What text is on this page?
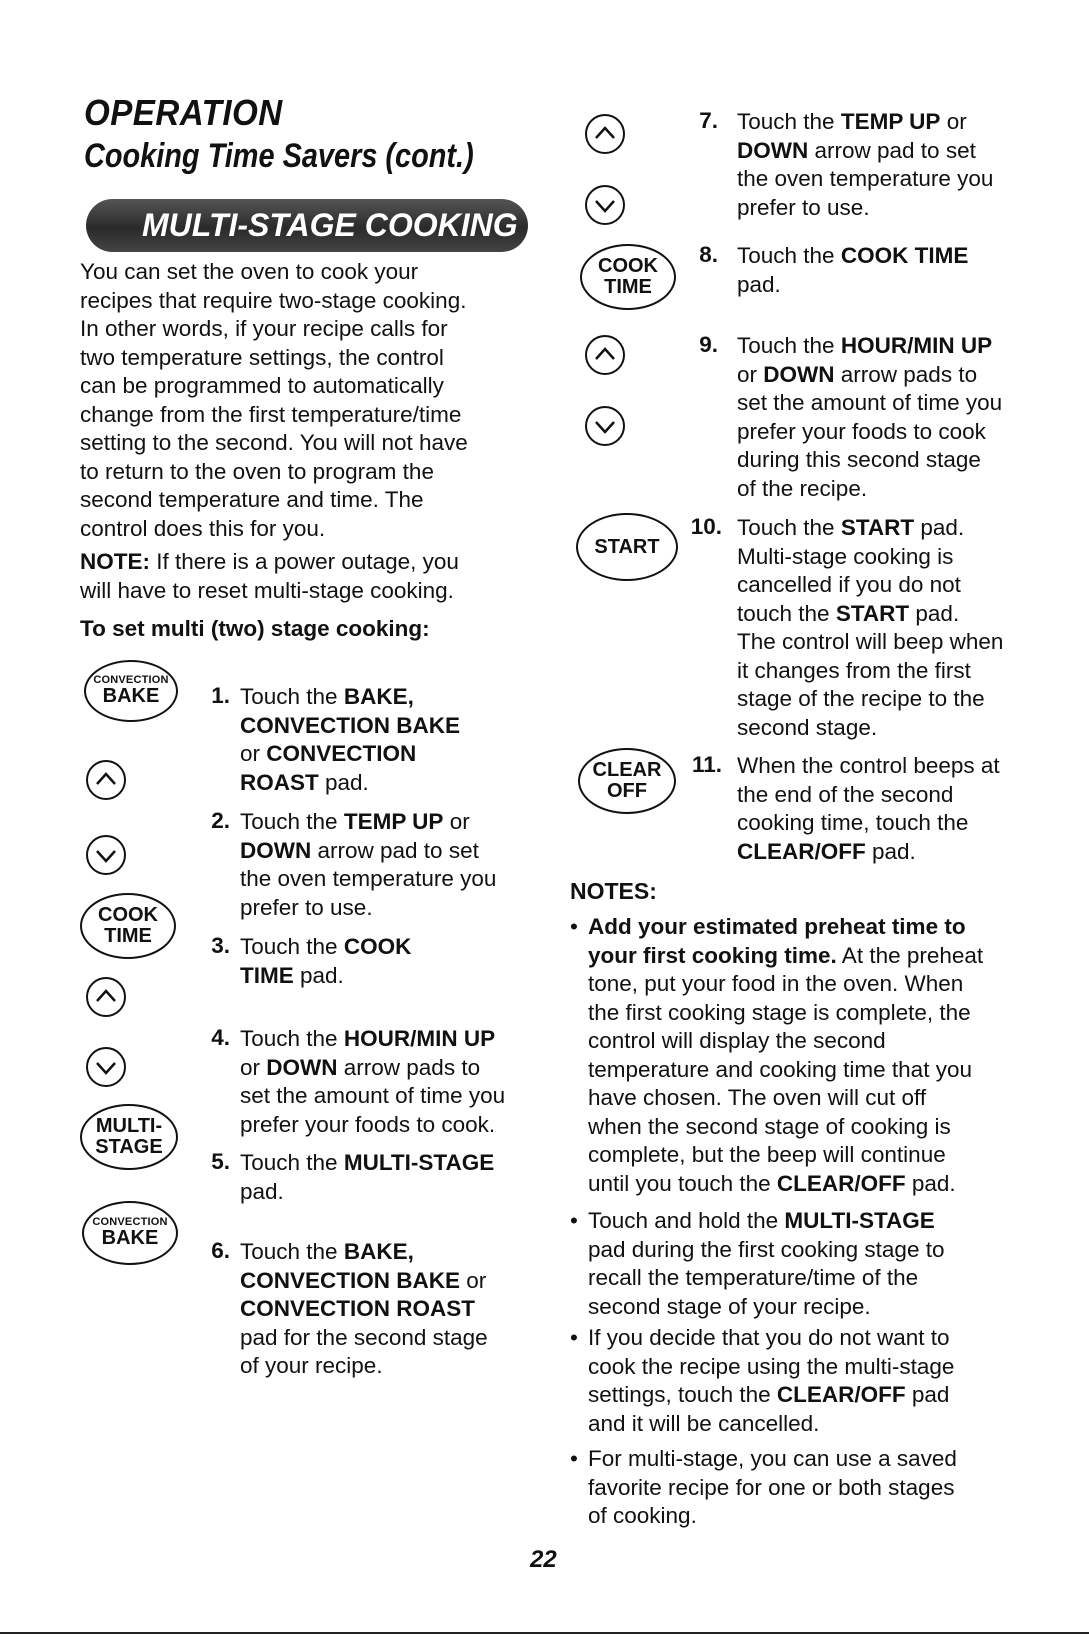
OPERATION
Cooking Time Savers (cont.)
MULTI-STAGE COOKING
You can set the oven to cook your
recipes that require two-stage cooking.
In other words, if your recipe calls for
two temperature settings, the control
can be programmed to automatically
change from the first temperature/time
setting to the second. You will not have
to return to the oven to program the
second temperature and time. The
control does this for you.
NOTE: If there is a power outage, you
will have to reset multi-stage cooking.
To set multi (two) stage cooking:
CONVECTION
BAKE
COOK
TIME
MULTI-
STAGE
CONVECTION
BAKE
1. Touch the BAKE,
CONVECTION BAKE
or CONVECTION
ROAST pad.
2. Touch the TEMP UP or
DOWN arrow pad to set
the oven temperature you
prefer to use.
3. Touch the COOK
TIME pad.
4. Touch the HOUR/MIN UP
or DOWN arrow pads to
set the amount of time you
prefer your foods to cook.
5. Touch the MULTI-STAGE
pad.
6. Touch the BAKE,
CONVECTION BAKE or
CONVECTION ROAST
pad for the second stage
of your recipe.
COOK
TIME
START
CLEAR
OFF
7. Touch the TEMP UP or
DOWN arrow pad to set
the oven temperature you
prefer to use.
8. Touch the COOK TIME
pad.
9. Touch the HOUR/MIN UP
or DOWN arrow pads to
set the amount of time you
prefer your foods to cook
during this second stage
of the recipe.
10. Touch the START pad.
Multi-stage cooking is
cancelled if you do not
touch the START pad.
The control will beep when
it changes from the first
stage of the recipe to the
second stage.
11. When the control beeps at
the end of the second
cooking time, touch the
CLEAR/OFF pad.
NOTES:
• Add your estimated preheat time to
your first cooking time. At the preheat
tone, put your food in the oven. When
the first cooking stage is complete, the
control will display the second
temperature and cooking time that you
have chosen. The oven will cut off
when the second stage of cooking is
complete, but the beep will continue
until you touch the CLEAR/OFF pad.
• Touch and hold the MULTI-STAGE
pad during the first cooking stage to
recall the temperature/time of the
second stage of your recipe.
• If you decide that you do not want to
cook the recipe using the multi-stage
settings, touch the CLEAR/OFF pad
and it will be cancelled.
• For multi-stage, you can use a saved
favorite recipe for one or both stages
of cooking.
22
